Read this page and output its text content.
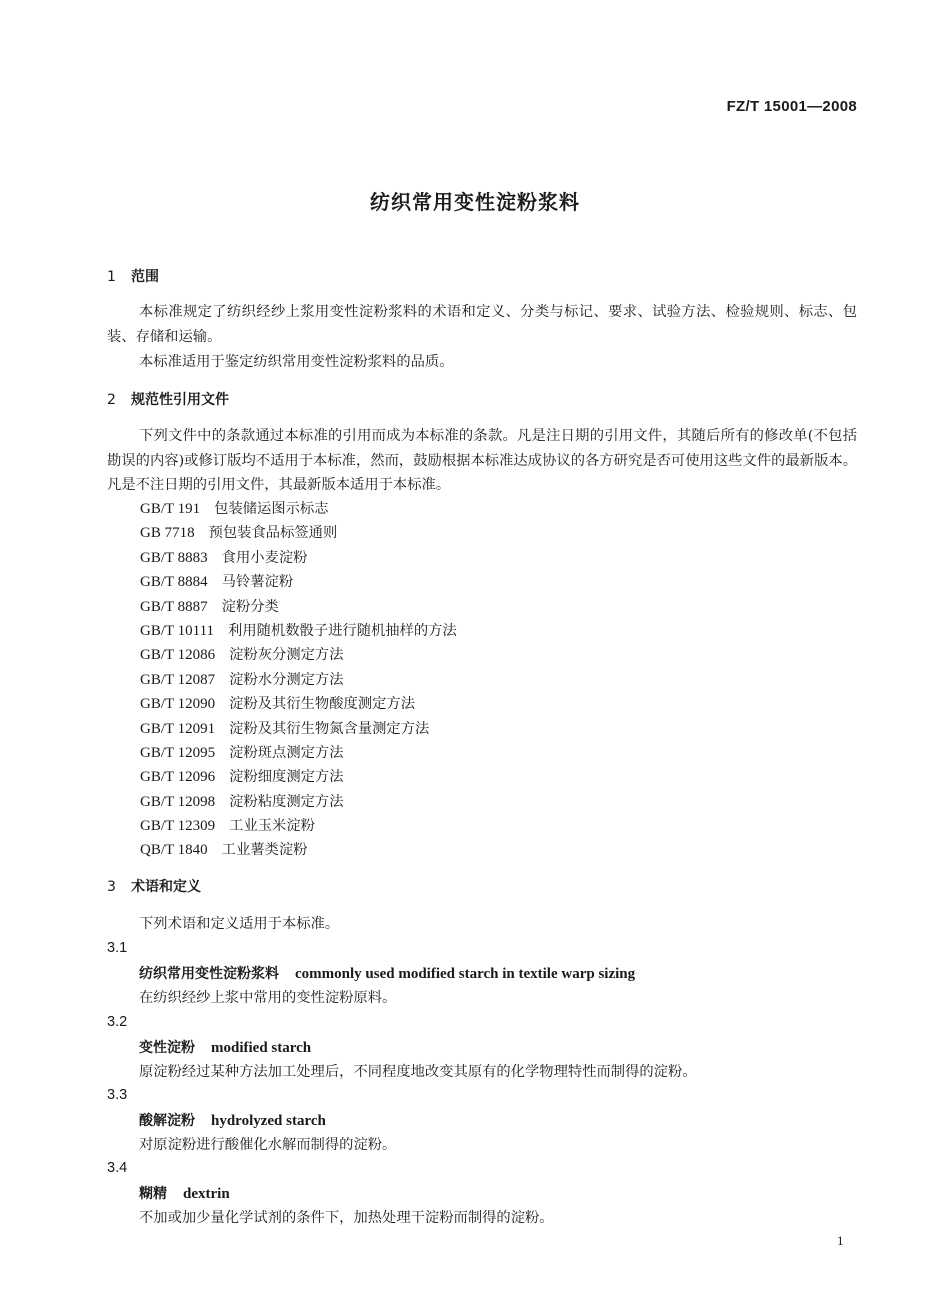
FZ/T 15001—2008
纺织常用变性淀粉浆料
1 范围
本标准规定了纺织经纱上浆用变性淀粉浆料的术语和定义、分类与标记、要求、试验方法、检验规则、标志、包装、存储和运输。
本标准适用于鉴定纺织常用变性淀粉浆料的品质。
2 规范性引用文件
下列文件中的条款通过本标准的引用而成为本标准的条款。凡是注日期的引用文件，其随后所有的修改单(不包括勘误的内容)或修订版均不适用于本标准，然而，鼓励根据本标准达成协议的各方研究是否可使用这些文件的最新版本。凡是不注日期的引用文件，其最新版本适用于本标准。
GB/T 191 包装储运图示标志
GB 7718 预包装食品标签通则
GB/T 8883 食用小麦淀粉
GB/T 8884 马铃薯淀粉
GB/T 8887 淀粉分类
GB/T 10111 利用随机数骰子进行随机抽样的方法
GB/T 12086 淀粉灰分测定方法
GB/T 12087 淀粉水分测定方法
GB/T 12090 淀粉及其衍生物酸度测定方法
GB/T 12091 淀粉及其衍生物氮含量测定方法
GB/T 12095 淀粉斑点测定方法
GB/T 12096 淀粉细度测定方法
GB/T 12098 淀粉粘度测定方法
GB/T 12309 工业玉米淀粉
QB/T 1840 工业薯类淀粉
3 术语和定义
下列术语和定义适用于本标准。
3.1
纺织常用变性淀粉浆料 commonly used modified starch in textile warp sizing
在纺织经纱上浆中常用的变性淀粉原料。
3.2
变性淀粉 modified starch
原淀粉经过某种方法加工处理后，不同程度地改变其原有的化学物理特性而制得的淀粉。
3.3
酸解淀粉 hydrolyzed starch
对原淀粉进行酸催化水解而制得的淀粉。
3.4
糊精 dextrin
不加或加少量化学试剂的条件下，加热处理干淀粉而制得的淀粉。
1
